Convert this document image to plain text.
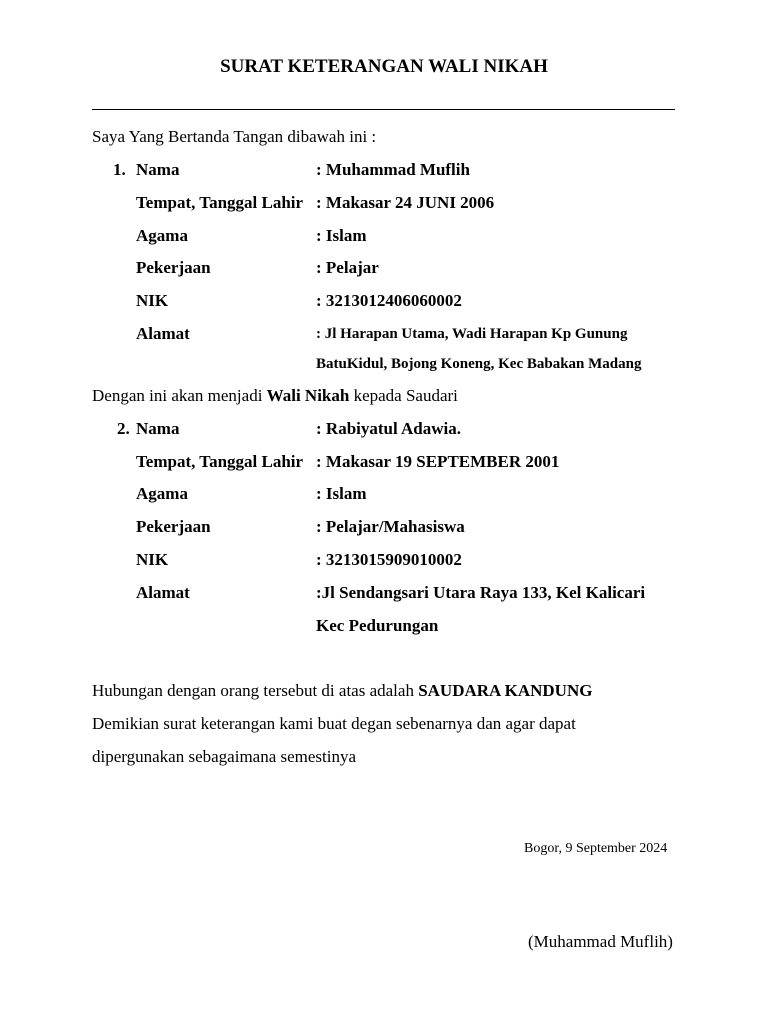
SURAT KETERANGAN WALI NIKAH
Saya Yang Bertanda Tangan dibawah ini :
1. Nama	: Muhammad Muflih
Tempat, Tanggal Lahir : Makasar 24 JUNI 2006
Agama	: Islam
Pekerjaan	: Pelajar
NIK	: 3213012406060002
Alamat	: Jl Harapan Utama, Wadi Harapan Kp Gunung
BatuKidul, Bojong Koneng, Kec Babakan Madang
Dengan ini akan menjadi Wali Nikah kepada Saudari
2. Nama	: Rabiyatul Adawia.
Tempat, Tanggal Lahir : Makasar 19 SEPTEMBER 2001
Agama	: Islam
Pekerjaan	: Pelajar/Mahasiswa
NIK	: 3213015909010002
Alamat	:Jl Sendangsari Utara Raya 133, Kel Kalicari
Kec Pedurungan
Hubungan dengan orang tersebut di atas adalah SAUDARA KANDUNG
Demikian surat keterangan kami buat degan sebenarnya dan agar dapat
dipergunakan sebagaimana semestinya
Bogor, 9 September 2024
(Muhammad Muflih)
